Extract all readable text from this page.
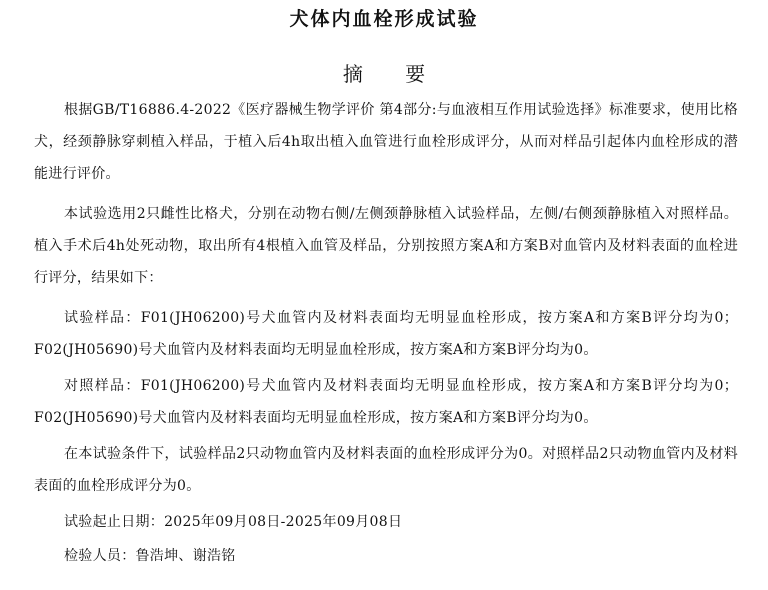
犬体内血栓形成试验
摘 要
根据GB/T16886.4-2022《医疗器械生物学评价 第4部分:与血液相互作用试验选择》标准要求，使用比格犬，经颈静脉穿刺植入样品，于植入后4h取出植入血管进行血栓形成评分，从而对样品引起体内血栓形成的潜能进行评价。
本试验选用2只雌性比格犬，分别在动物右侧/左侧颈静脉植入试验样品，左侧/右侧颈静脉植入对照样品。植入手术后4h处死动物，取出所有4根植入血管及样品，分别按照方案A和方案B对血管内及材料表面的血栓进行评分，结果如下：
试验样品：F01(JH06200)号犬血管内及材料表面均无明显血栓形成，按方案A和方案B评分均为0；F02(JH05690)号犬血管内及材料表面均无明显血栓形成，按方案A和方案B评分均为0。
对照样品：F01(JH06200)号犬血管内及材料表面均无明显血栓形成，按方案A和方案B评分均为0；F02(JH05690)号犬血管内及材料表面均无明显血栓形成，按方案A和方案B评分均为0。
在本试验条件下，试验样品2只动物血管内及材料表面的血栓形成评分为0。对照样品2只动物血管内及材料表面的血栓形成评分为0。
试验起止日期：2025年09月08日-2025年09月08日
检验人员：鲁浩坤、谢浩铭
